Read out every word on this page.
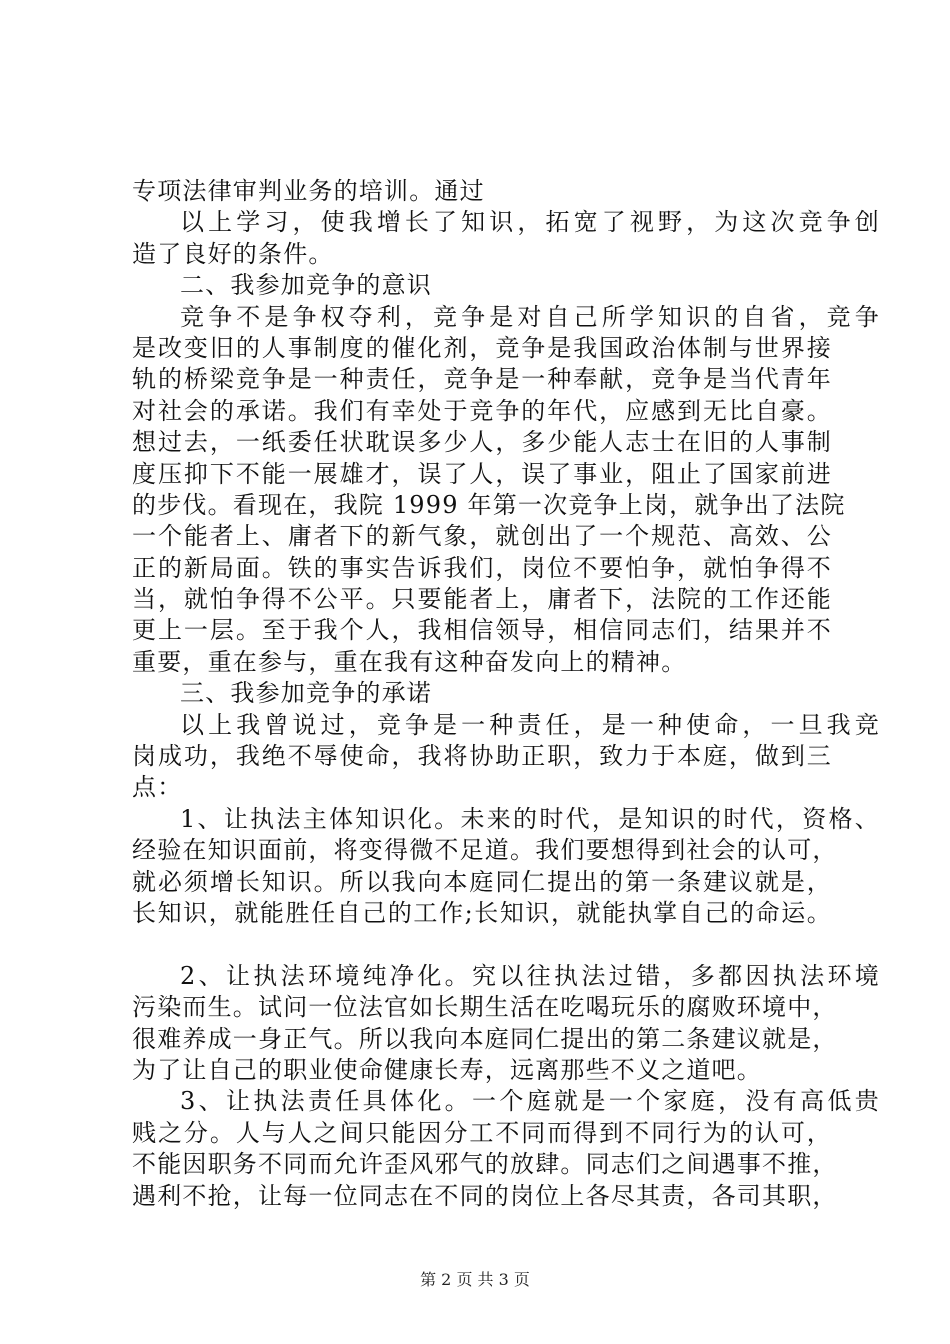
专项法律审判业务的培训。通过
以上学习，使我增长了知识，拓宽了视野，为这次竞争创
造了良好的条件。
二、我参加竞争的意识
竞争不是争权夺利，竞争是对自己所学知识的自省，竞争
是改变旧的人事制度的催化剂，竞争是我国政治体制与世界接
轨的桥梁竞争是一种责任，竞争是一种奉献，竞争是当代青年
对社会的承诺。我们有幸处于竞争的年代，应感到无比自豪。
想过去，一纸委任状耽误多少人，多少能人志士在旧的人事制
度压抑下不能一展雄才，误了人，误了事业，阻止了国家前进
的步伐。看现在，我院 1999 年第一次竞争上岗，就争出了法院
一个能者上、庸者下的新气象，就创出了一个规范、高效、公
正的新局面。铁的事实告诉我们，岗位不要怕争，就怕争得不
当，就怕争得不公平。只要能者上，庸者下，法院的工作还能
更上一层。至于我个人，我相信领导，相信同志们，结果并不
重要，重在参与，重在我有这种奋发向上的精神。
三、我参加竞争的承诺
以上我曾说过，竞争是一种责任，是一种使命，一旦我竞
岗成功，我绝不辱使命，我将协助正职，致力于本庭，做到三
点：
1、让执法主体知识化。未来的时代，是知识的时代，资格、
经验在知识面前，将变得微不足道。我们要想得到社会的认可，
就必须增长知识。所以我向本庭同仁提出的第一条建议就是，
长知识，就能胜任自己的工作;长知识，就能执掌自己的命运。
2、让执法环境纯净化。究以往执法过错，多都因执法环境
污染而生。试问一位法官如长期生活在吃喝玩乐的腐败环境中，
很难养成一身正气。所以我向本庭同仁提出的第二条建议就是，
为了让自己的职业使命健康长寿，远离那些不义之道吧。
3、让执法责任具体化。一个庭就是一个家庭，没有高低贵
贱之分。人与人之间只能因分工不同而得到不同行为的认可，
不能因职务不同而允许歪风邪气的放肆。同志们之间遇事不推，
遇利不抢，让每一位同志在不同的岗位上各尽其责，各司其职，
第 2 页 共 3 页
